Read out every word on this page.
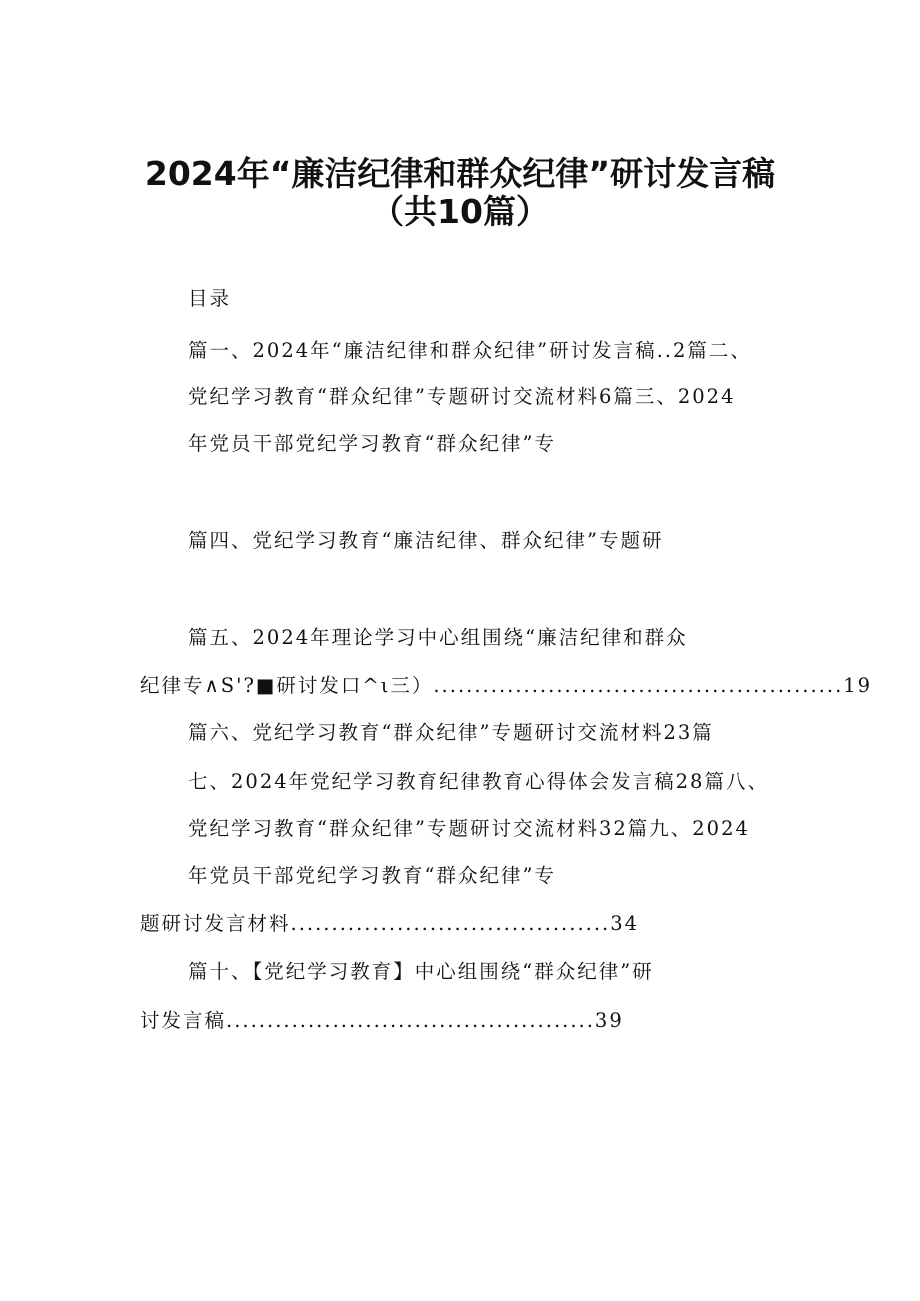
2024年“廉洁纪律和群众纪律”研讨发言稿
（共10篇）
目录
篇一、2024年“廉洁纪律和群众纪律”研讨发言稿..2篇二、
党纪学习教育“群众纪律”专题研讨交流材料6篇三、2024
年党员干部党纪学习教育“群众纪律”专
篇四、党纪学习教育“廉洁纪律、群众纪律”专题研
篇五、2024年理论学习中心组围绕“廉洁纪律和群众
纪律专∧S'?■研讨发口^ι三）..................................................19
篇六、党纪学习教育“群众纪律”专题研讨交流材料23篇
七、2024年党纪学习教育纪律教育心得体会发言稿28篇八、
党纪学习教育“群众纪律”专题研讨交流材料32篇九、2024
年党员干部党纪学习教育“群众纪律”专
题研讨发言材料.......................................34
篇十、【党纪学习教育】中心组围绕“群众纪律”研
讨发言稿.............................................39
